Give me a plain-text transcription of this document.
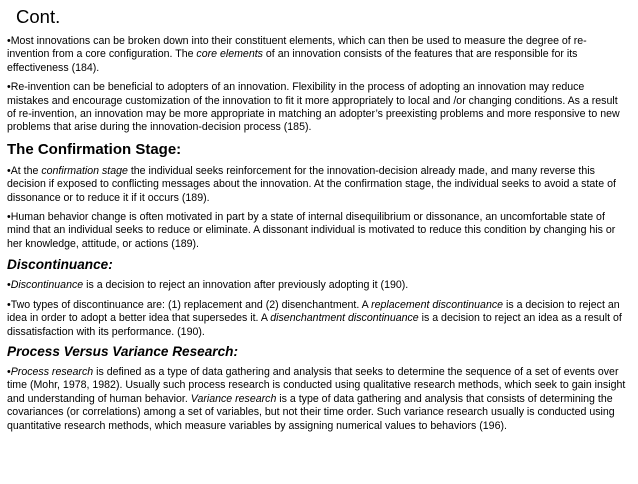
Cont.

•Most innovations can be broken down into their constituent elements, which can then be used to measure the degree of re-invention from a core configuration. The core elements of an innovation consists of the features that are responsible for its effectiveness (184).

•Re-invention can be beneficial to adopters of an innovation. Flexibility in the process of adopting an innovation may reduce mistakes and encourage customization of the innovation to fit it more appropriately to local and /or changing conditions. As a result of re-invention, an innovation may be more appropriate in matching an adopter’s preexisting problems and more responsive to new problems that arise during the innovation-decision process (185).

The Confirmation Stage:

•At the confirmation stage the individual seeks reinforcement for the innovation-decision already made, and many reverse this decision if exposed to conflicting messages about the innovation. At the confirmation stage, the individual seeks to avoid a state of dissonance or to reduce it if it occurs (189).

•Human behavior change is often motivated in part by a state of internal disequilibrium or dissonance, an uncomfortable state of mind that an individual seeks to reduce or eliminate. A dissonant individual is motivated to reduce this condition by changing his or her knowledge, attitude, or actions (189).

Discontinuance:

•Discontinuance is a decision to reject an innovation after previously adopting it (190).

•Two types of discontinuance are: (1) replacement and (2) disenchantment. A replacement discontinuance is a decision to reject an idea in order to adopt a better idea that supersedes it. A disenchantment discontinuance is a decision to reject an idea as a result of dissatisfaction with its performance. (190).

Process Versus Variance Research:

•Process research is defined as a type of data gathering and analysis that seeks to determine the sequence of a set of events over time (Mohr, 1978, 1982). Usually such process research is conducted using qualitative research methods, which seek to gain insight and understanding of human behavior. Variance research is a type of data gathering and analysis that consists of determining the covariances (or correlations) among a set of variables, but not their time order. Such variance research usually is conducted using quantitative research methods, which measure variables by assigning numerical values to behaviors (196).
